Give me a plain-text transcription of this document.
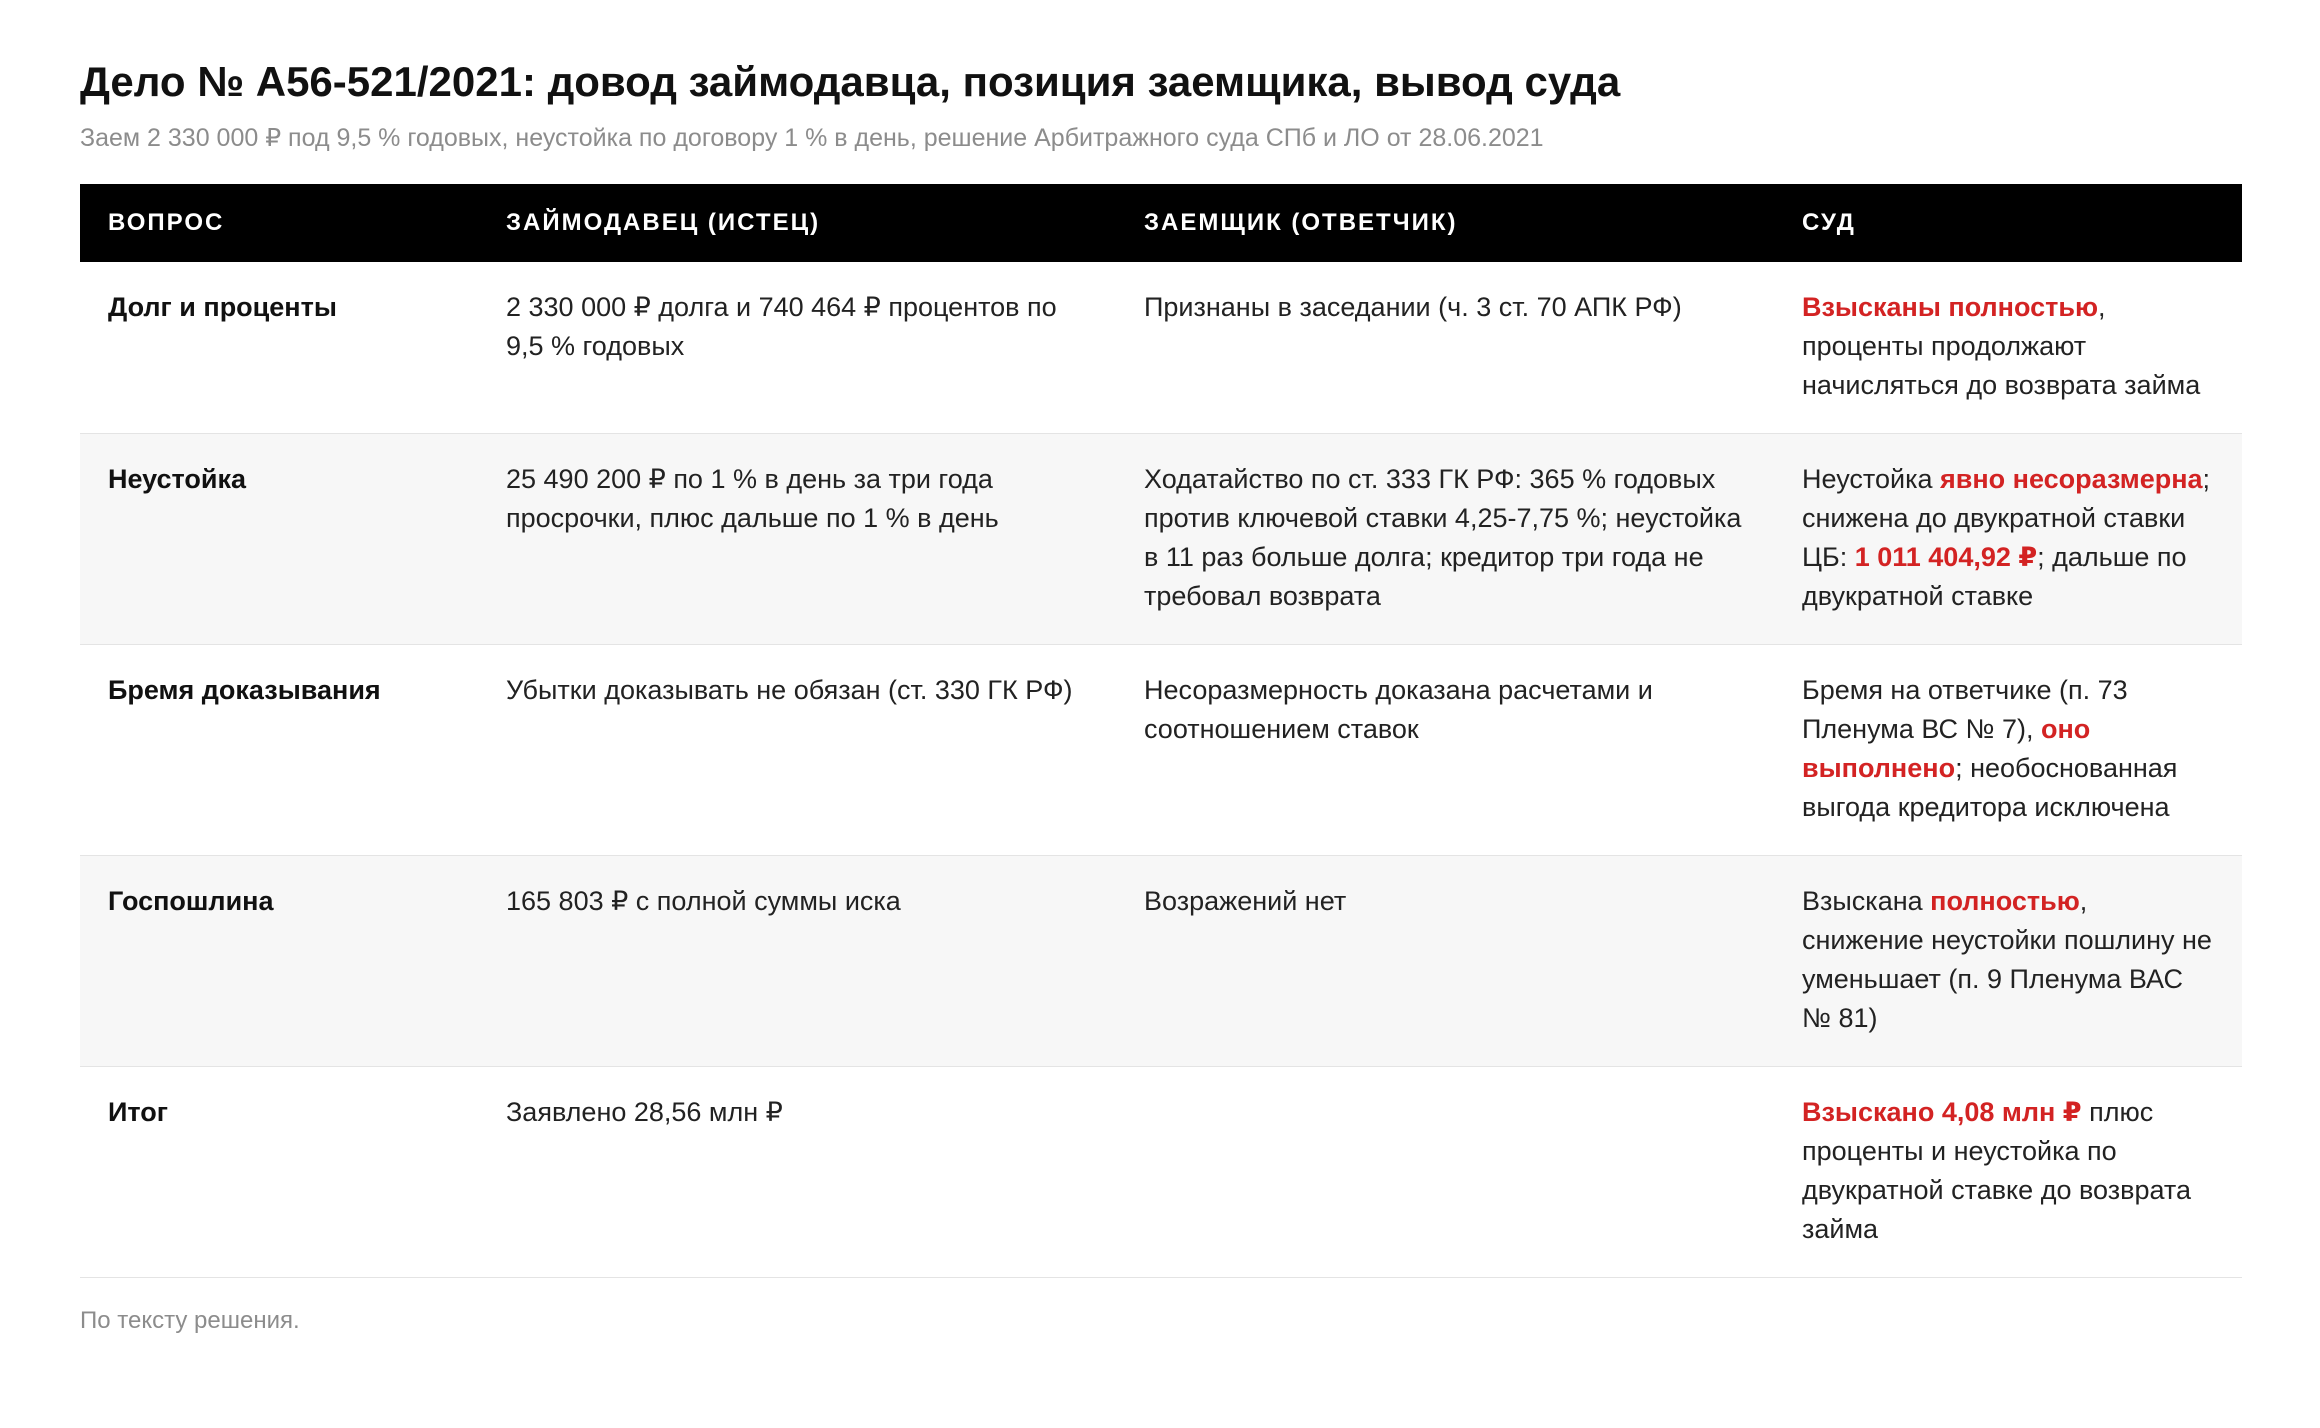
Дело № А56-521/2021: довод займодавца, позиция заемщика, вывод суда
Заем 2 330 000 ₽ под 9,5 % годовых, неустойка по договору 1 % в день, решение Арбитражного суда СПб и ЛО от 28.06.2021
ВОПРОС	ЗАЙМОДАВЕЦ (ИСТЕЦ)	ЗАЕМЩИК (ОТВЕТЧИК)	СУД
Долг и проценты	2 330 000 ₽ долга и 740 464 ₽ процентов по 9,5 % годовых	Признаны в заседании (ч. 3 ст. 70 АПК РФ)	Взысканы полностью, проценты продолжают начисляться до возврата займа
Неустойка	25 490 200 ₽ по 1 % в день за три года просрочки, плюс дальше по 1 % в день	Ходатайство по ст. 333 ГК РФ: 365 % годовых против ключевой ставки 4,25-7,75 %; неустойка в 11 раз больше долга; кредитор три года не требовал возврата	Неустойка явно несоразмерна; снижена до двукратной ставки ЦБ: 1 011 404,92 ₽; дальше по двукратной ставке
Бремя доказывания	Убытки доказывать не обязан (ст. 330 ГК РФ)	Несоразмерность доказана расчетами и соотношением ставок	Бремя на ответчике (п. 73 Пленума ВС № 7), оно выполнено; необоснованная выгода кредитора исключена
Госпошлина	165 803 ₽ с полной суммы иска	Возражений нет	Взыскана полностью, снижение неустойки пошлину не уменьшает (п. 9 Пленума ВАС № 81)
Итог	Заявлено 28,56 млн ₽		Взыскано 4,08 млн ₽ плюс проценты и неустойка по двукратной ставке до возврата займа
По тексту решения.
